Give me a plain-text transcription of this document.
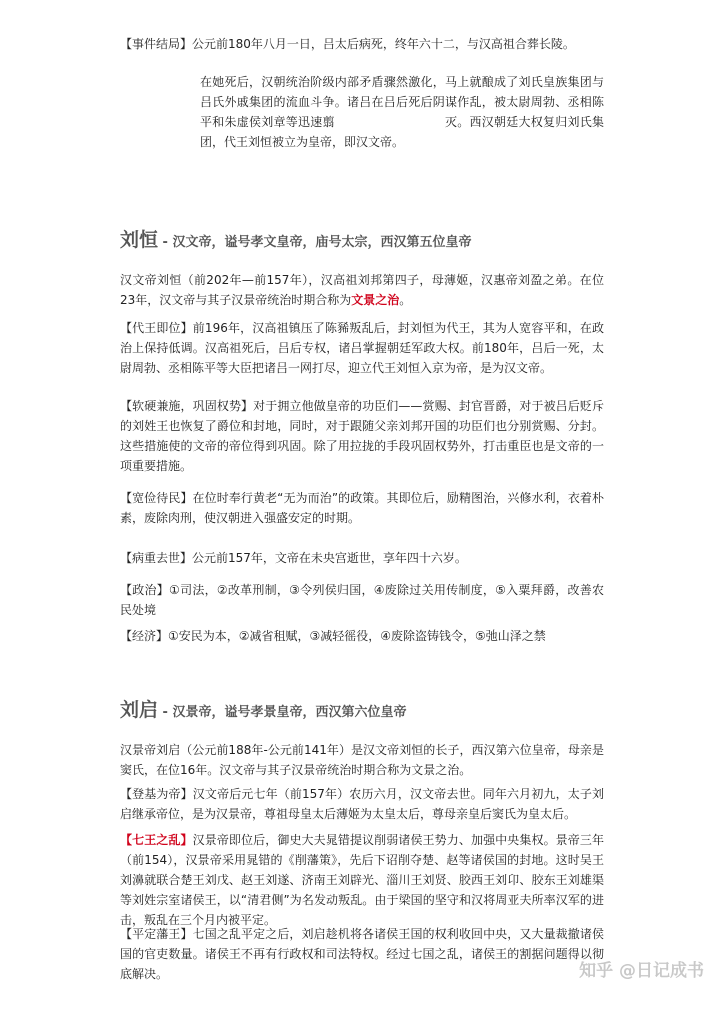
【事件结局】公元前180年八月一日，吕太后病死，终年六十二，与汉高祖合葬长陵。

在她死后，汉朝统治阶级内部矛盾骤然激化，马上就酿成了刘氏皇族集团与吕氏外戚集团的流血斗争。诸吕在吕后死后阴谋作乱，被太尉周勃、丞相陈平和朱虚侯刘章等迅速翦	灭。西汉朝廷大权复归刘氏集团，代王刘恒被立为皇帝，即汉文帝。

刘恒 - 汉文帝，谥号孝文皇帝，庙号太宗，西汉第五位皇帝

汉文帝刘恒（前202年—前157年），汉高祖刘邦第四子，母薄姬，汉惠帝刘盈之弟。在位23年，汉文帝与其子汉景帝统治时期合称为文景之治。

【代王即位】前196年，汉高祖镇压了陈豨叛乱后，封刘恒为代王，其为人宽容平和，在政治上保持低调。汉高祖死后，吕后专权，诸吕掌握朝廷军政大权。前180年，吕后一死，太尉周勃、丞相陈平等大臣把诸吕一网打尽，迎立代王刘恒入京为帝，是为汉文帝。

【软硬兼施，巩固权势】对于拥立他做皇帝的功臣们——赏赐、封官晋爵，对于被吕后贬斥的刘姓王也恢复了爵位和封地，同时，对于跟随父亲刘邦开国的功臣们也分别赏赐、分封。这些措施使的文帝的帝位得到巩固。除了用拉拢的手段巩固权势外，打击重臣也是文帝的一项重要措施。

【宽俭待民】在位时奉行黄老“无为而治”的政策。其即位后，励精图治，兴修水利，衣着朴素，废除肉刑，使汉朝进入强盛安定的时期。

【病重去世】公元前157年，文帝在未央宫逝世，享年四十六岁。

【政治】①司法，②改革刑制，③令列侯归国，④废除过关用传制度，⑤入粟拜爵，改善农民处境

【经济】①安民为本，②减省租赋，③减轻徭役，④废除盗铸钱令，⑤弛山泽之禁

刘启 - 汉景帝，谥号孝景皇帝，西汉第六位皇帝

汉景帝刘启（公元前188年-公元前141年）是汉文帝刘恒的长子，西汉第六位皇帝，母亲是窦氏，在位16年。汉文帝与其子汉景帝统治时期合称为文景之治。

【登基为帝】汉文帝后元七年（前157年）农历六月，汉文帝去世。同年六月初九，太子刘启继承帝位，是为汉景帝，尊祖母皇太后薄姬为太皇太后，尊母亲皇后窦氏为皇太后。

【七王之乱】汉景帝即位后，御史大夫晁错提议削弱诸侯王势力、加强中央集权。景帝三年（前154），汉景帝采用晁错的《削藩策》，先后下诏削夺楚、赵等诸侯国的封地。这时吴王刘濞就联合楚王刘戊、赵王刘遂、济南王刘辟光、淄川王刘贤、胶西王刘卬、胶东王刘雄渠等刘姓宗室诸侯王，以“清君侧”为名发动叛乱。由于梁国的坚守和汉将周亚夫所率汉军的进击，叛乱在三个月内被平定。

【平定藩王】七国之乱平定之后，刘启趁机将各诸侯王国的权利收回中央，又大量裁撤诸侯国的官吏数量。诸侯王不再有行政权和司法特权。经过七国之乱，诸侯王的割据问题得以彻底解决。	知乎 @日记成书
